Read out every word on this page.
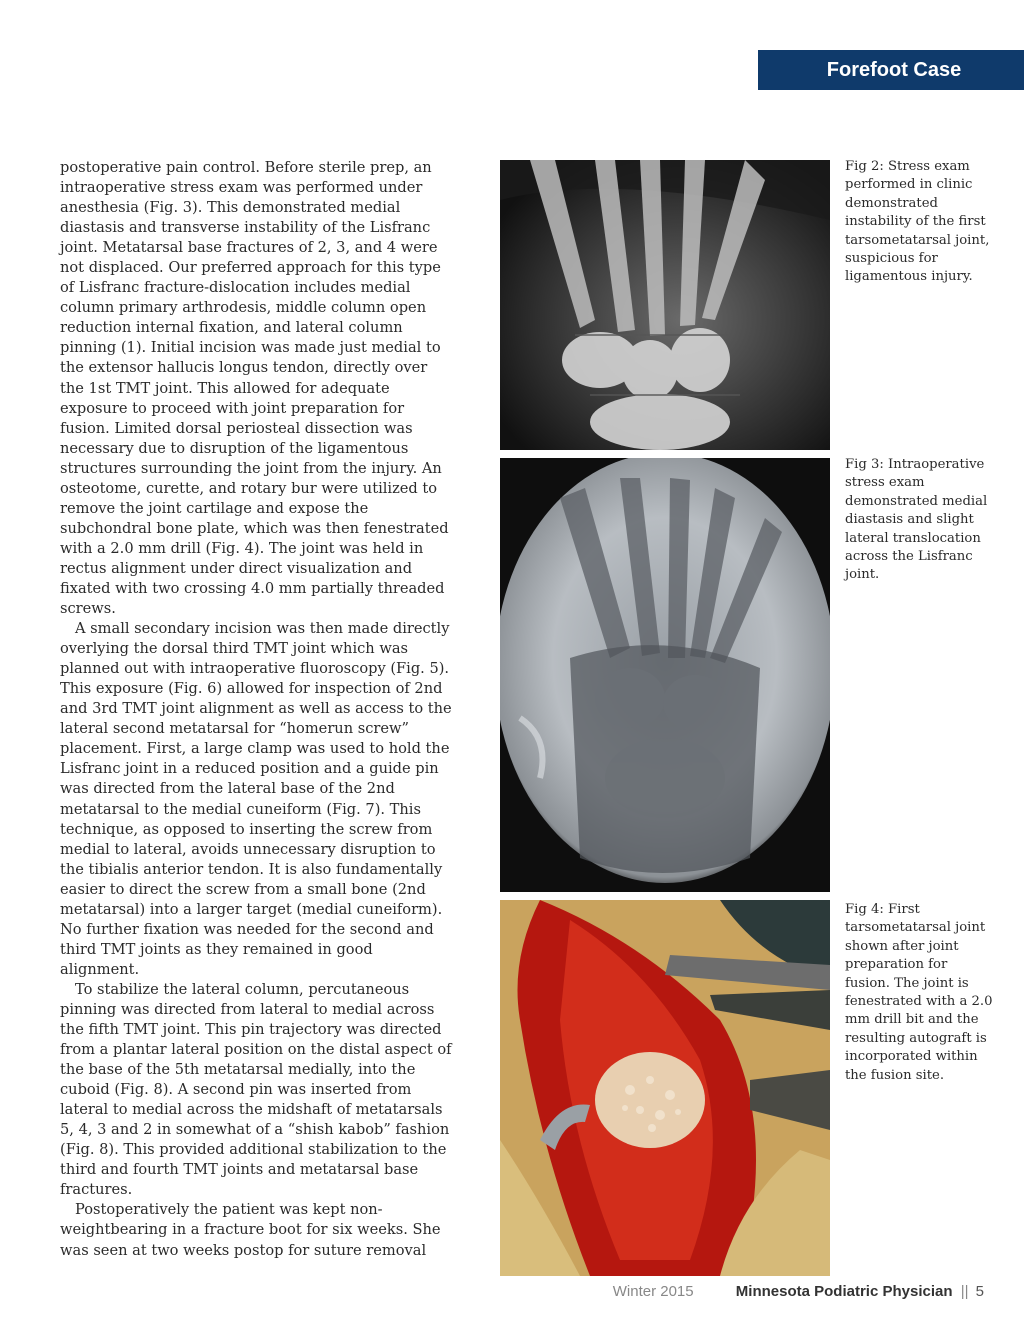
Forefoot Case

postoperative pain control. Before sterile prep, an intraoperative stress exam was performed under anesthesia (Fig. 3). This demonstrated medial diastasis and transverse instability of the Lisfranc joint. Metatarsal base fractures of 2, 3, and 4 were not displaced. Our preferred approach for this type of Lisfranc fracture-dislocation includes medial column primary arthrodesis, middle column open reduction internal fixation, and lateral column pinning (1). Initial incision was made just medial to the extensor hallucis longus tendon, directly over the 1st TMT joint. This allowed for adequate exposure to proceed with joint preparation for fusion. Limited dorsal periosteal dissection was necessary due to disruption of the ligamentous structures surrounding the joint from the injury. An osteotome, curette, and rotary bur were utilized to remove the joint cartilage and expose the subchondral bone plate, which was then fenestrated with a 2.0 mm drill (Fig. 4). The joint was held in rectus alignment under direct visualization and fixated with two crossing 4.0 mm partially threaded screws.

A small secondary incision was then made directly overlying the dorsal third TMT joint which was planned out with intraoperative fluoroscopy (Fig. 5). This exposure (Fig. 6) allowed for inspection of 2nd and 3rd TMT joint alignment as well as access to the lateral second metatarsal for “homerun screw” placement. First, a large clamp was used to hold the Lisfranc joint in a reduced position and a guide pin was directed from the lateral base of the 2nd metatarsal to the medial cuneiform (Fig. 7). This technique, as opposed to inserting the screw from medial to lateral, avoids unnecessary disruption to the tibialis anterior tendon. It is also fundamentally easier to direct the screw from a small bone (2nd metatarsal) into a larger target (medial cuneiform). No further fixation was needed for the second and third TMT joints as they remained in good alignment.

To stabilize the lateral column, percutaneous pinning was directed from lateral to medial across the fifth TMT joint. This pin trajectory was directed from a plantar lateral position on the distal aspect of the base of the 5th metatarsal medially, into the cuboid (Fig. 8). A second pin was inserted from lateral to medial across the midshaft of metatarsals 5, 4, 3 and 2 in somewhat of a “shish kabob” fashion (Fig. 8). This provided additional stabilization to the third and fourth TMT joints and metatarsal base fractures.

Postoperatively the patient was kept non-weightbearing in a fracture boot for six weeks. She was seen at two weeks postop for suture removal

Fig 2: Stress exam performed in clinic demonstrated instability of the first tarsometatarsal joint, suspicious for ligamentous injury.
Fig 3: Intraoperative stress exam demonstrated medial diastasis and slight lateral translocation across the Lisfranc joint.
Fig 4: First tarsometatarsal joint shown after joint preparation for fusion. The joint is fenestrated with a 2.0 mm drill bit and the resulting autograft is incorporated within the fusion site.
Winter 2015	Minnesota Podiatric Physician || 5
